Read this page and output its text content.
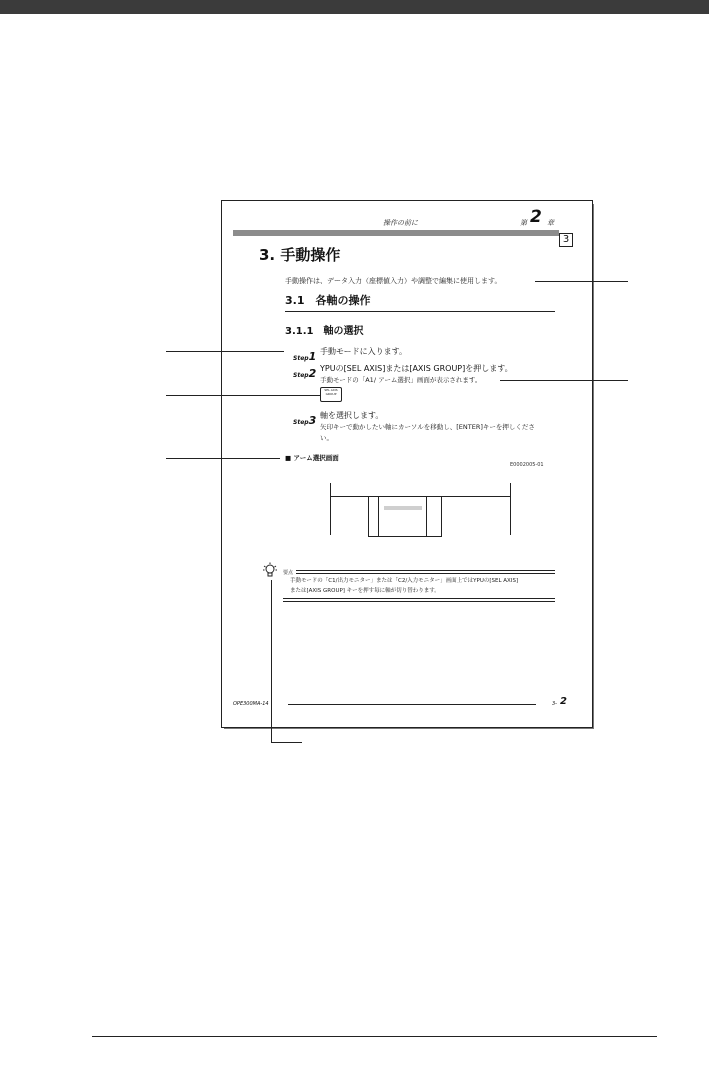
操作の前に	第 2 章
3
3. 手動操作
手動操作は、データ入力（座標値入力）や調整で編集に使用します。
3.1　各軸の操作
3.1.1　軸の選択
Step1 手動モードに入ります。
Step2 YPUの[SEL AXIS]または[AXIS GROUP]を押します。
手動モードの「A1/ アーム選択」画面が表示されます。
SEL AXIS GROUP
Step3 軸を選択します。
矢印キーで動かしたい軸にカーソルを移動し、[ENTER]キーを押しくださ
い。
■ アーム選択画面
E0002005-01
要点
手動モードの「C1/出力モニター」または「C2/入力モニター」画面上ではYPUの[SEL AXIS]
または[AXIS GROUP] キーを押す毎に軸が切り替わります。
OPE300MA-14	3- 2
